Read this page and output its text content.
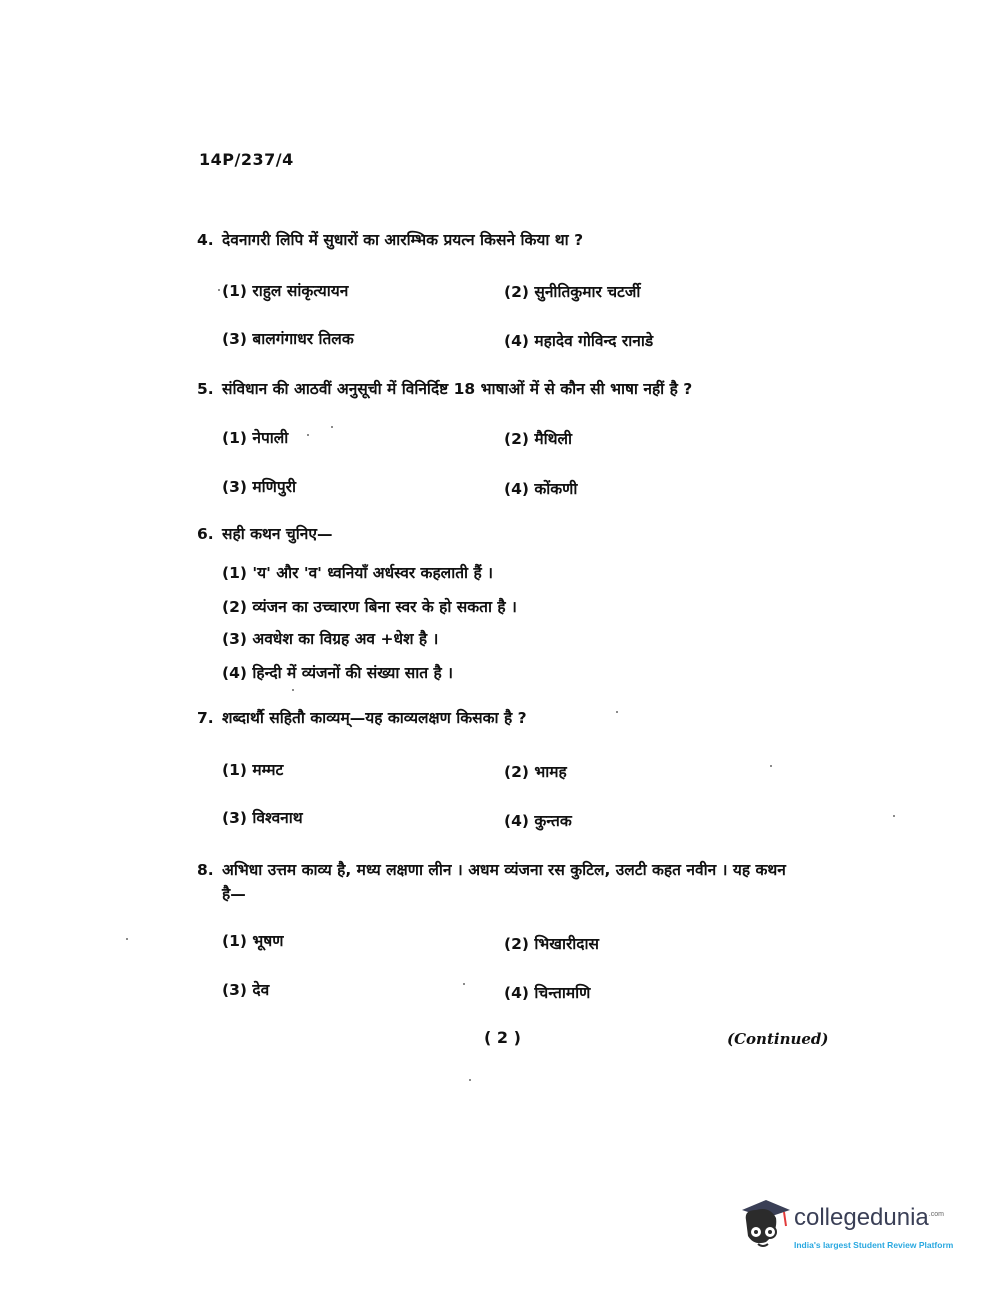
14P/237/4
4. देवनागरी लिपि में सुधारों का आरम्भिक प्रयत्न किसने किया था ?
(1) राहुल सांकृत्यायन	(2) सुनीतिकुमार चटर्जी
(3) बालगंगाधर तिलक	(4) महादेव गोविन्द रानाडे
5. संविधान की आठवीं अनुसूची में विनिर्दिष्ट 18 भाषाओं में से कौन सी भाषा नहीं है ?
(1) नेपाली	(2) मैथिली
(3) मणिपुरी	(4) कोंकणी
6. सही कथन चुनिए—
(1) 'य' और 'व' ध्वनियाँ अर्धस्वर कहलाती हैं ।
(2) व्यंजन का उच्चारण बिना स्वर के हो सकता है ।
(3) अवधेश का विग्रह अव +धेश है ।
(4) हिन्दी में व्यंजनों की संख्या सात है ।
7. शब्दार्थौ सहितौ काव्यम्—यह काव्यलक्षण किसका है ?
(1) मम्मट	(2) भामह
(3) विश्वनाथ	(4) कुन्तक
8. अभिधा उत्तम काव्य है, मध्य लक्षणा लीन । अधम व्यंजना रस कुटिल, उलटी कहत नवीन । यह कथन
है—
(1) भूषण	(2) भिखारीदास
(3) देव	(4) चिन्तामणि
( 2 )	(Continued)
collegedunia$^{.com}$
India's largest Student Review Platform
